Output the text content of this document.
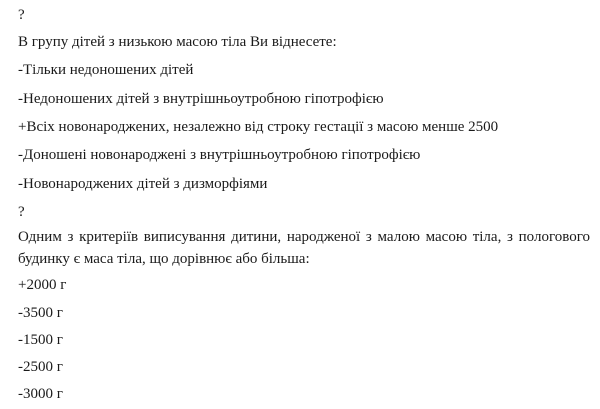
?
В групу дітей з низькою масою тіла Ви віднесете:
-Тільки недоношених дітей
-Недоношених дітей з внутрішньоутробною гіпотрофією
+Всіх новонароджених, незалежно від строку гестації з масою менше 2500
-Доношені новонароджені з внутрішньоутробною гіпотрофією
-Новонароджених дітей з дизморфіями
?
Одним з критеріїв виписування дитини, народженої з малою масою тіла, з пологового будинку є маса тіла, що дорівнює або більша:
+2000 г
-3500 г
-1500 г
-2500 г
-3000 г
